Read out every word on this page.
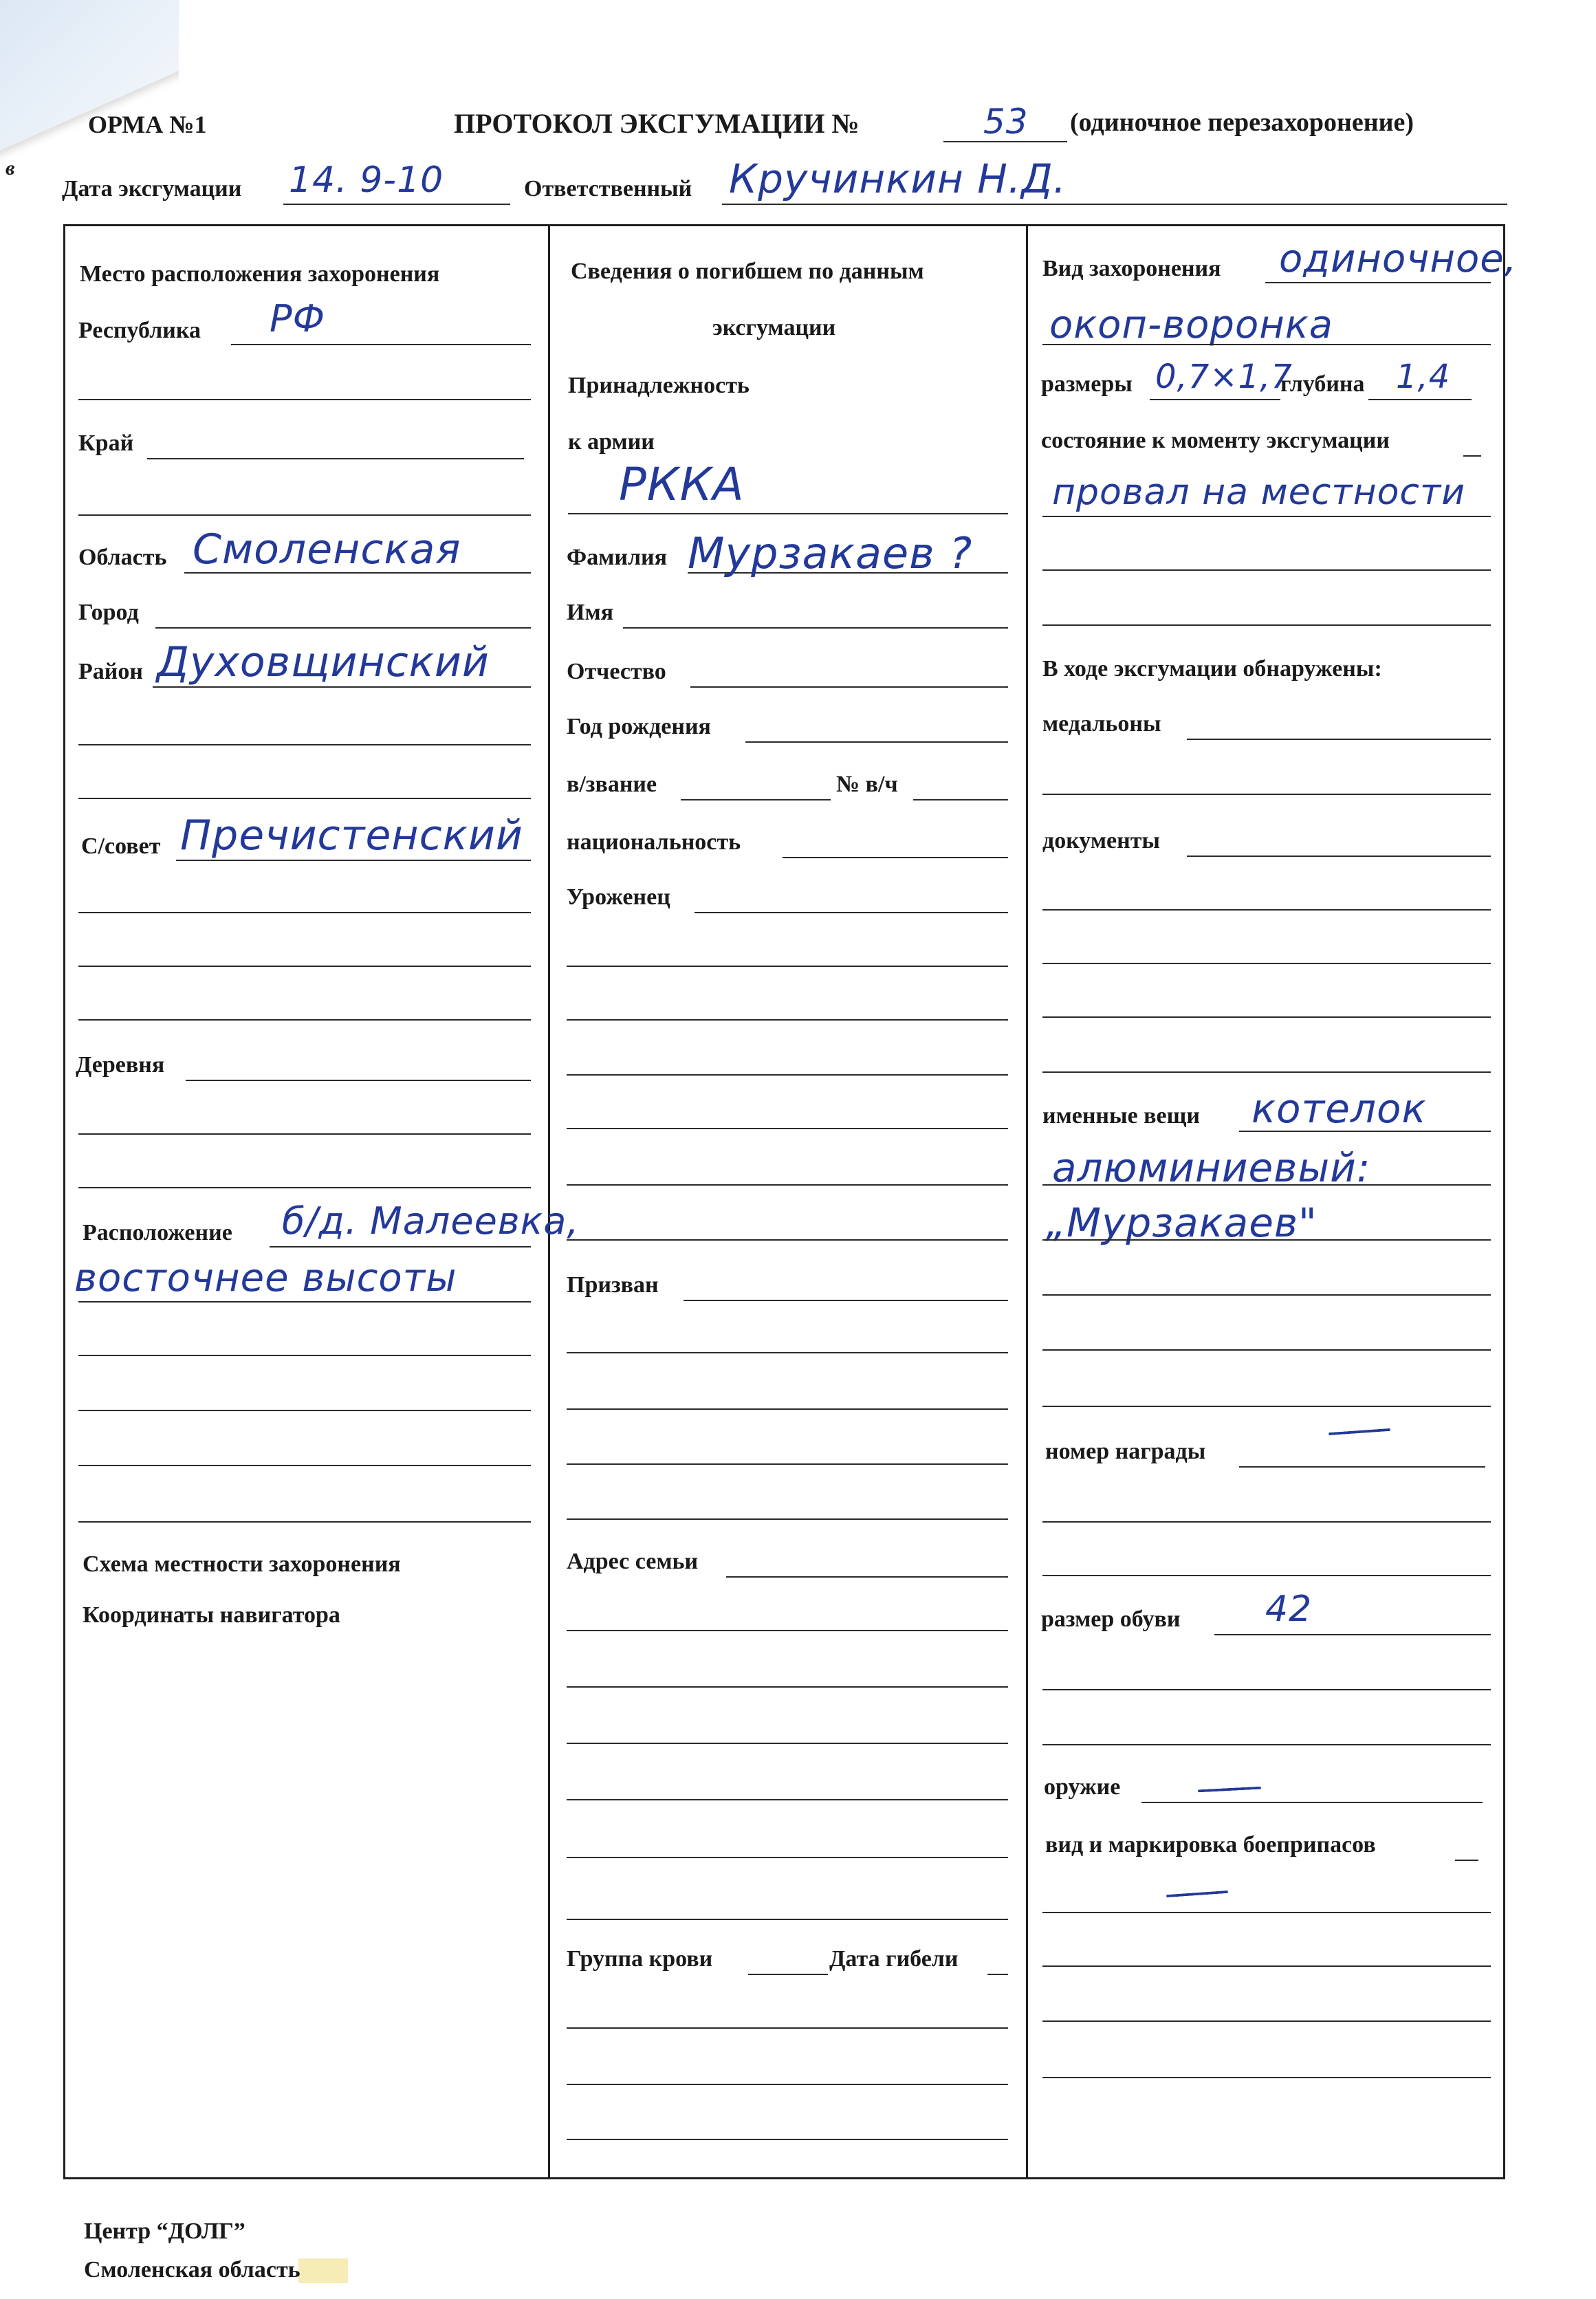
в
ОРМА №1	ПРОТОКОЛ ЭКСГУМАЦИИ №	53 (одиночное перезахоронение)
Дата эксгумации 14. 9-10	Ответственный Кручинкин Н.Д.
Место расположения захоронения
Республика РФ
Край
Область Смоленская
Город
Район Духовщинский
С/совет Пречистенский
Деревня
Расположение б/д. Малеевка,
восточнее высоты
Схема местности захоронения
Координаты навигатора
Сведения о погибшем по данным
эксгумации
Принадлежность
к армии
РККА
Фамилия Мурзакаев ?
Имя
Отчество
Год рождения
в/звание	№ в/ч
национальность
Уроженец
Призван
Адрес семьи
Группа крови	Дата гибели
Вид захоронения одиночное,
окоп-воронка
размеры 0,7×1,7
глубина 1,4
состояние к моменту эксгумации
провал на местности
В ходе эксгумации обнаружены:
медальоны
документы
именные вещи котелок
алюминиевый:
„Мурзакаев"
номер награды
размер обуви 42
оружие
вид и маркировка боеприпасов
Центр “ДОЛГ”
Смоленская область
